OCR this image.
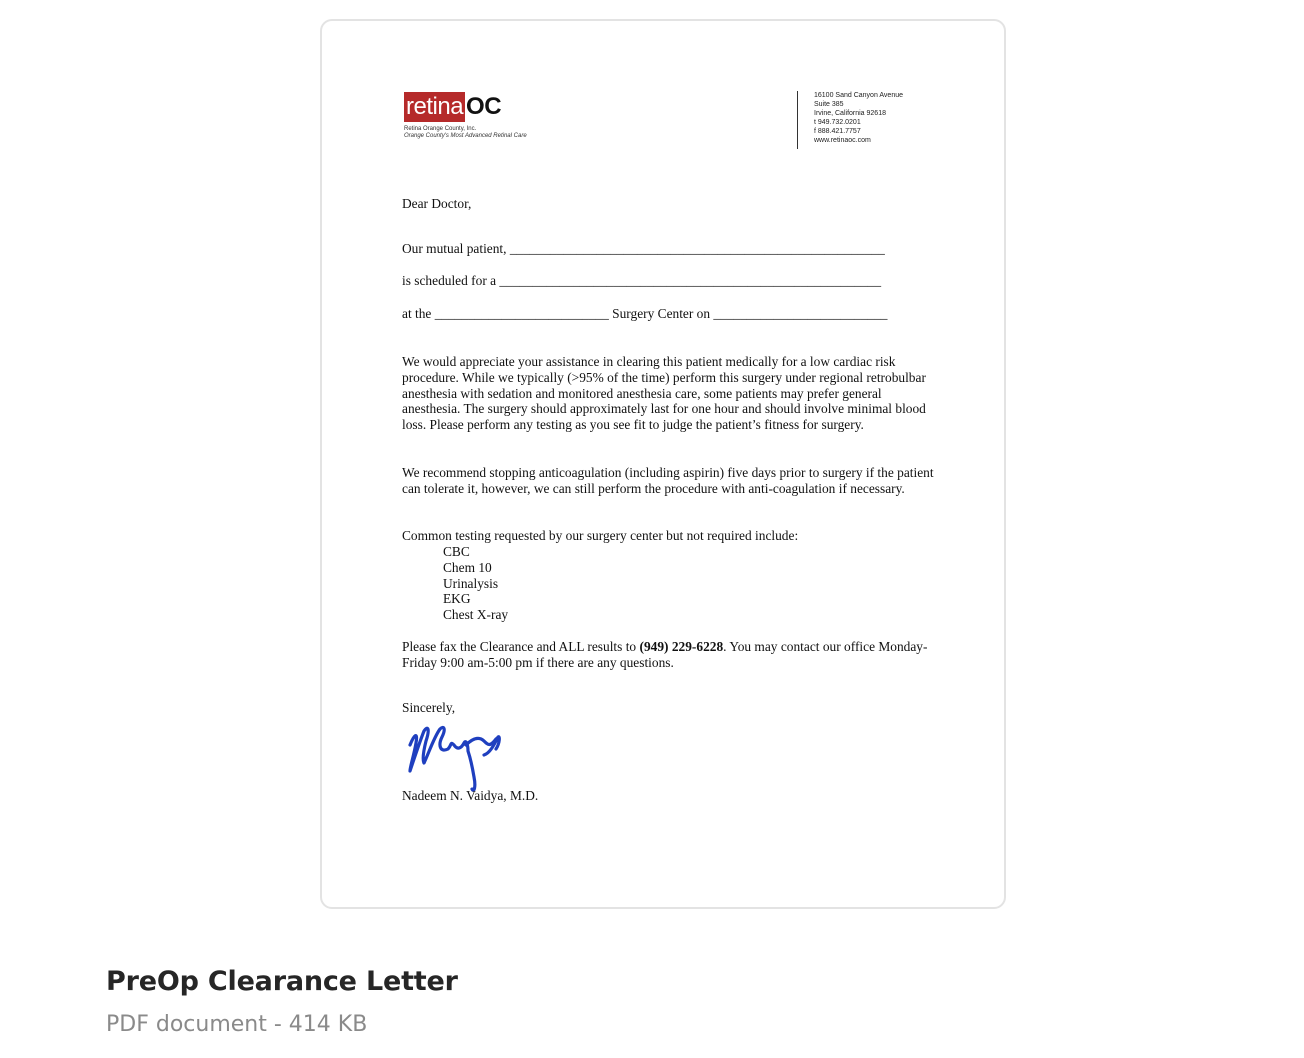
retina OC
Retina Orange County, Inc.
Orange County's Most Advanced Retinal Care
16100 Sand Canyon Avenue
Suite 385
Irvine, California 92618
t 949.732.0201
f 888.421.7757
www.retinaoc.com
Dear Doctor,
Our mutual patient, ________________________________________________________
is scheduled for a _________________________________________________________
at the __________________________ Surgery Center on __________________________
We would appreciate your assistance in clearing this patient medically for a low cardiac risk procedure. While we typically (>95% of the time) perform this surgery under regional retrobulbar anesthesia with sedation and monitored anesthesia care, some patients may prefer general anesthesia. The surgery should approximately last for one hour and should involve minimal blood loss. Please perform any testing as you see fit to judge the patient’s fitness for surgery.
We recommend stopping anticoagulation (including aspirin) five days prior to surgery if the patient can tolerate it, however, we can still perform the procedure with anti-coagulation if necessary.
Common testing requested by our surgery center but not required include:
CBC
Chem 10
Urinalysis
EKG
Chest X-ray
Please fax the Clearance and ALL results to (949) 229-6228. You may contact our office Monday-Friday 9:00 am-5:00 pm if there are any questions.
Sincerely,
Nadeem N. Vaidya, M.D.
PreOp Clearance Letter
PDF document - 414 KB
